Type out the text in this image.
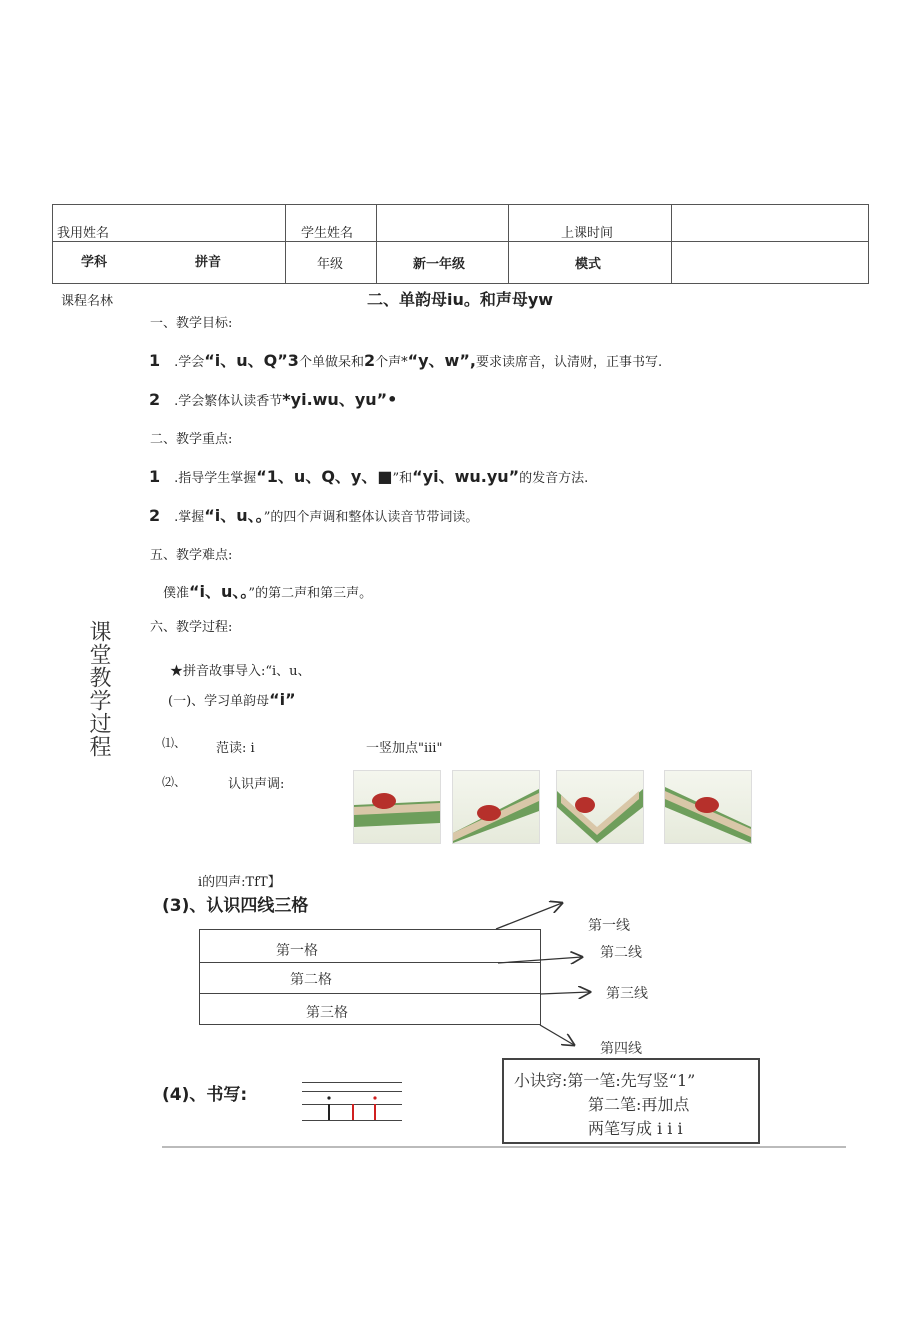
我用姓名	学生姓名	上课时间
学科	拼音	年级	新一年级	模式
课程名林	二、单韵母iu。和声母yw
一、教学目标:
1 .学会“i、u、Q”3个单做呆和2个声*“y、w”,要求读席音，认清财，正事书写.
2 .学会繁体认读香节*yi.wu、yu”•
二、教学重点:
1 .指导学生掌握“1、u、Q、y、■”和“yi、wu.yu”的发音方法.
2 .掌握“i、u、。”的四个声调和整体认读音节带词读。
五、教学难点:
僕准“i、u、。”的第二声和第三声。
六、教学过程:
课堂教学过程	★拼音故事导入:“i、u、
(一)、学习单韵母“i”
⑴、 范读: i	一竖加点"iii"
⑵、	认识声调:
i的四声:TfT】
(3)、认识四线三格
第一格
第二格
第三格
第一线
第二线
第三线
第四线
(4)、书写:
小诀窍:第一笔:先写竖“1”
第二笔:再加点
两笔写成 i i i
